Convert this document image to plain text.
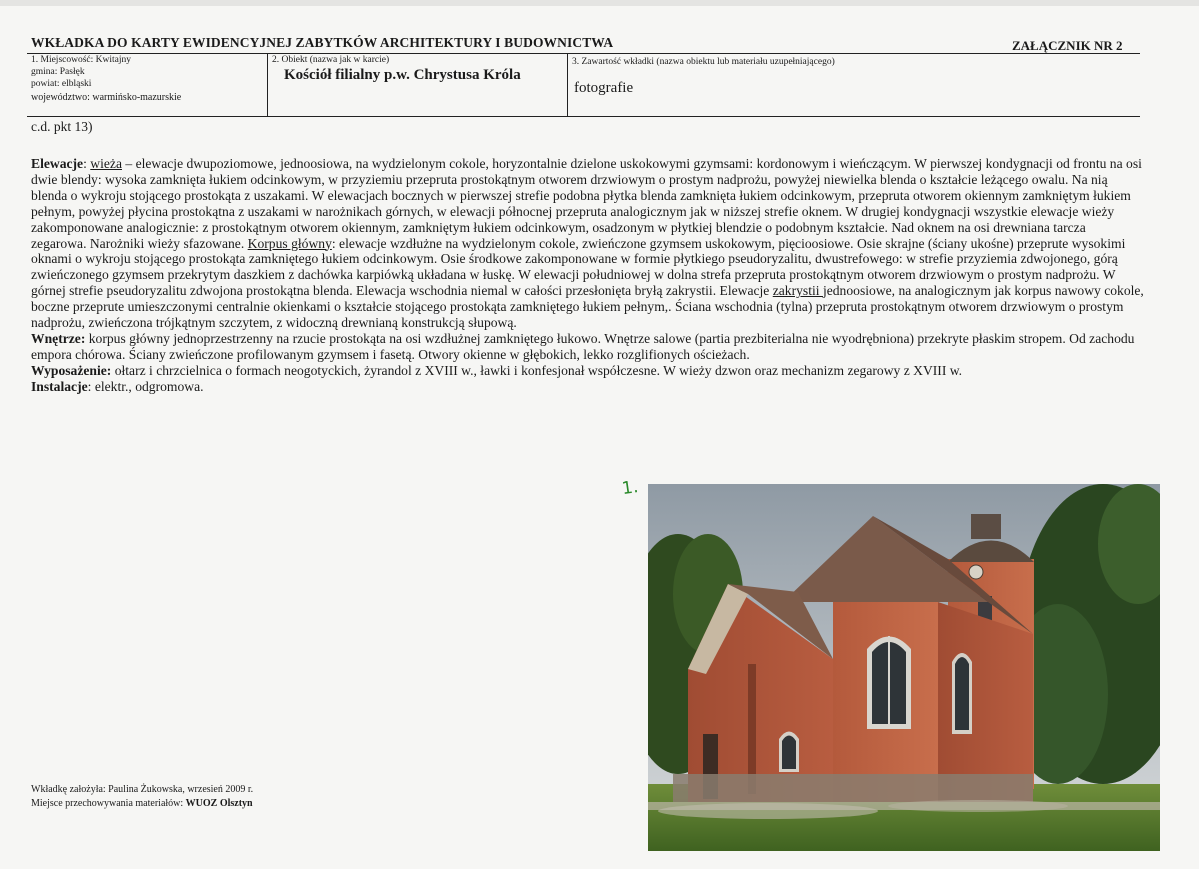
WKŁADKA DO KARTY EWIDENCYJNEJ ZABYTKÓW ARCHITEKTURY I BUDOWNICTWA	ZAŁĄCZNIK NR 2
1. Miejscowość: Kwitajny
gmina: Pasłęk
powiat: elbląski
województwo: warmińsko-mazurskie
2. Obiekt (nazwa jak w karcie)
Kościół filialny p.w. Chrystusa Króla
3. Zawartość wkładki (nazwa obiektu lub materiału uzupełniającego)
fotografie
c.d. pkt 13)

Elewacje: wieża – elewacje dwupoziomowe, jednoosiowa, na wydzielonym cokole, horyzontalnie dzielone uskokowymi gzymsami: kordonowym i wieńczącym. W pierwszej kondygnacji od frontu na osi dwie blendy: wysoka zamknięta łukiem odcinkowym, w przyziemiu przepruta prostokątnym otworem drzwiowym o prostym nadprożu, powyżej niewielka blenda o kształcie leżącego owalu. Na nią blenda o wykroju stojącego prostokąta z uszakami. W elewacjach bocznych w pierwszej strefie podobna płytka blenda zamknięta łukiem odcinkowym, przepruta otworem okiennym zamkniętym łukiem pełnym, powyżej płycina prostokątna z uszakami w narożnikach górnych, w elewacji północnej przepruta analogicznym jak w niższej strefie oknem. W drugiej kondygnacji wszystkie elewacje wieży zakomponowane analogicznie: z prostokątnym otworem okiennym, zamkniętym łukiem odcinkowym, osadzonym w płytkiej blendzie o podobnym kształcie. Nad oknem na osi drewniana tarcza zegarowa. Narożniki wieży sfazowane. Korpus główny: elewacje wzdłużne na wydzielonym cokole, zwieńczone gzymsem uskokowym, pięcioosiowe. Osie skrajne (ściany ukośne) przeprute wysokimi oknami o wykroju stojącego prostokąta zamkniętego łukiem odcinkowym. Osie środkowe zakomponowane w formie płytkiego pseudoryzalitu, dwustrefowego: w strefie przyziemia zdwojonego, górą zwieńczonego gzymsem przekrytym daszkiem z dachówka karpiówką układana w łuskę. W elewacji południowej w dolna strefa przepruta prostokątnym otworem drzwiowym o prostym nadprożu. W górnej strefie pseudoryzalitu zdwojona prostokątna blenda. Elewacja wschodnia niemal w całości przesłonięta bryłą zakrystii. Elewacje zakrystii jednoosiowe, na analogicznym jak korpus nawowy cokole, boczne przeprute umieszczonymi centralnie okienkami o kształcie stojącego prostokąta zamkniętego łukiem pełnym,. Ściana wschodnia (tylna) przepruta prostokątnym otworem drzwiowym o prostym nadprożu, zwieńczona trójkątnym szczytem, z widoczną drewnianą konstrukcją słupową.

Wnętrze: korpus główny jednoprzestrzenny na rzucie prostokąta na osi wzdłużnej zamkniętego łukowo. Wnętrze salowe (partia prezbiterialna nie wyodrębniona) przekryte płaskim stropem. Od zachodu empora chórowa. Ściany zwieńczone profilowanym gzymsem i fasetą. Otwory okienne w głębokich, lekko rozglifionych ościeżach.

Wyposażenie: ołtarz i chrzcielnica o formach neogotyckich, żyrandol z XVIII w., ławki i konfesjonał współczesne. W wieży dzwon oraz mechanizm zegarowy z XVIII w.

Instalacje: elektr., odgromowa.

1.
Wkładkę założyła: Paulina Żukowska, wrzesień 2009 r.
Miejsce przechowywania materiałów: WUOZ Olsztyn
